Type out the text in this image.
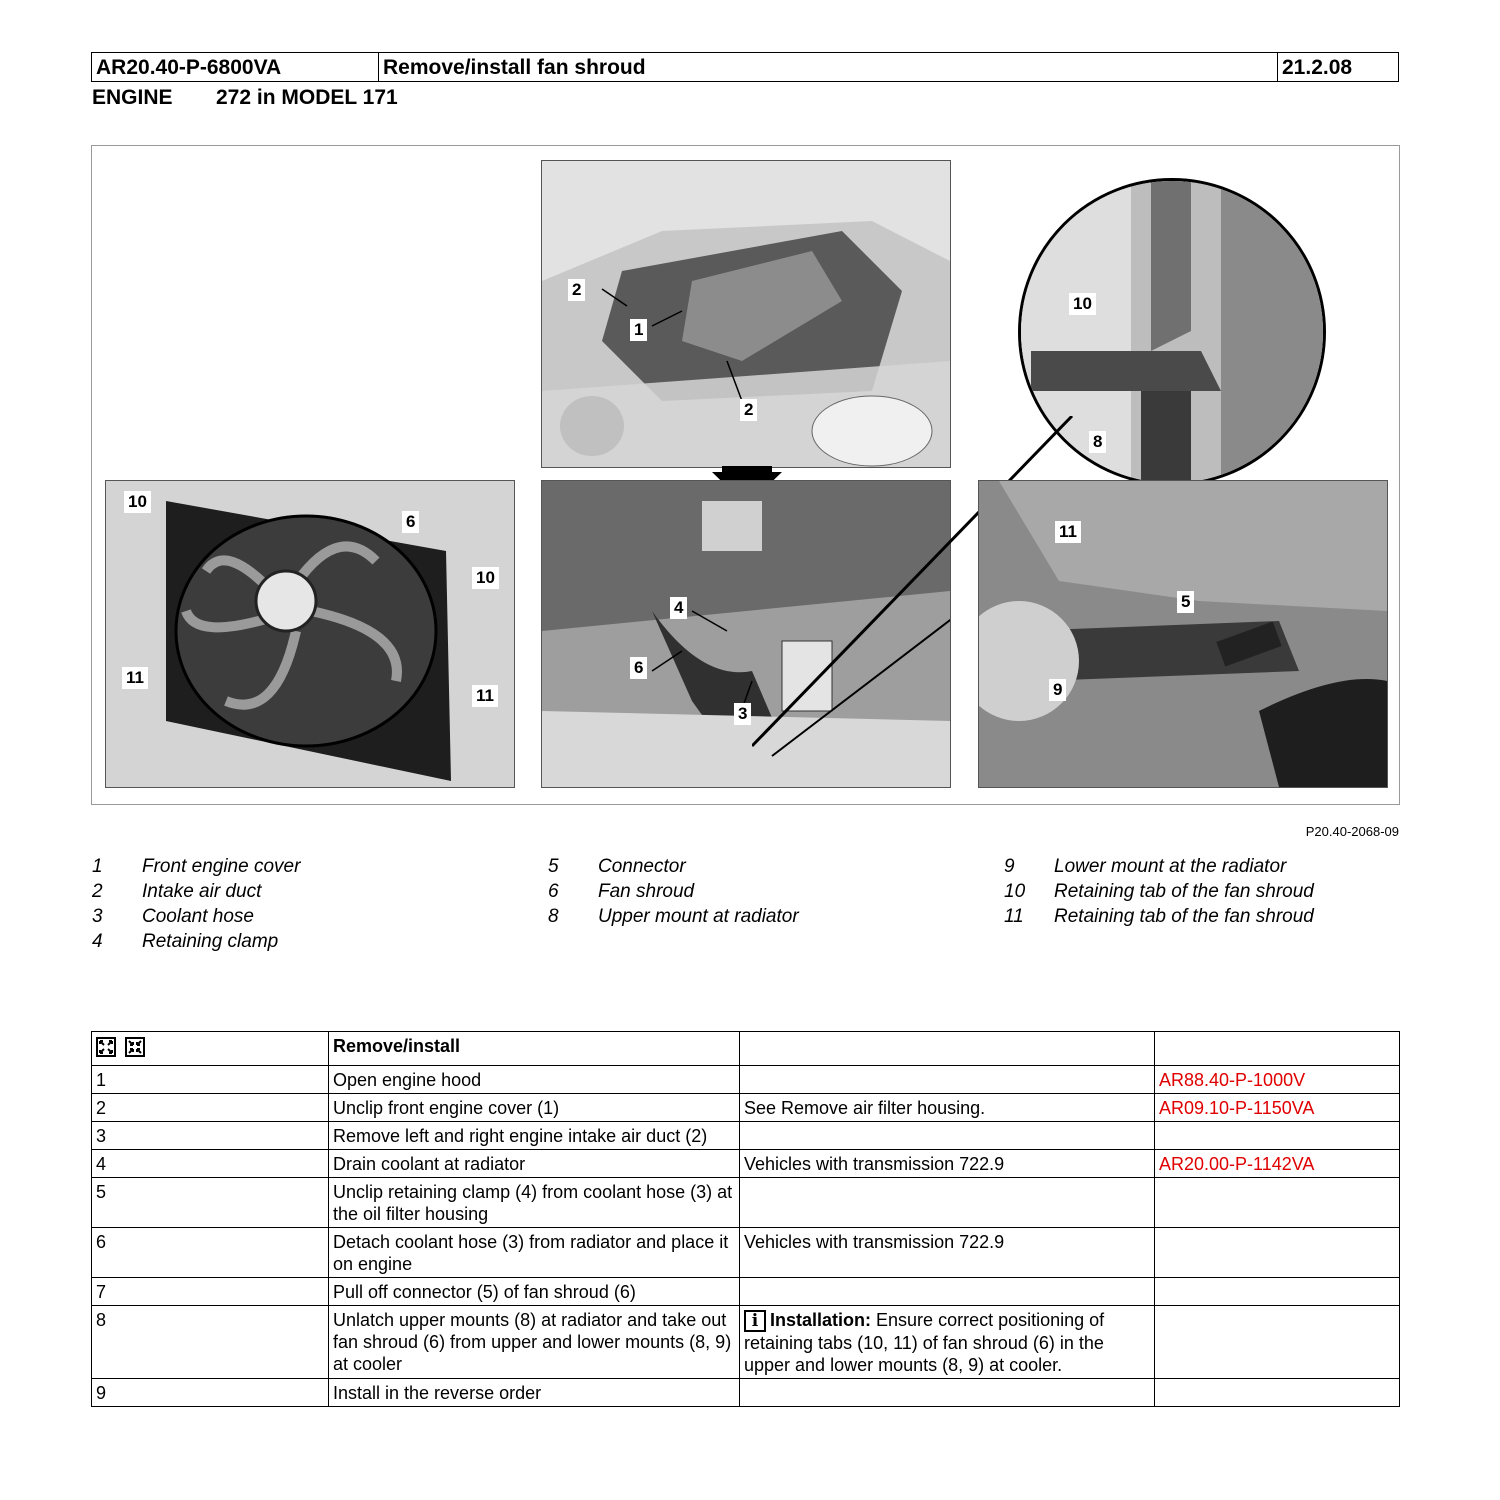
AR20.40-P-6800VA	Remove/install fan shroud	21.2.08
ENGINE 272 in MODEL 171
2
1
2
10
8
10
6
10
11
11
4
6
3
11
5
9
P20.40-2068-09
1 Front engine cover
2 Intake air duct
3 Coolant hose
4 Retaining clamp
5 Connector
6 Fan shroud
8 Upper mount at radiator
9 Lower mount at the radiator
10 Retaining tab of the fan shroud
11 Retaining tab of the fan shroud

	Remove/install		
1	Open engine hood		AR88.40-P-1000V
2	Unclip front engine cover (1)	See Remove air filter housing.	AR09.10-P-1150VA
3	Remove left and right engine intake air duct (2)		
4	Drain coolant at radiator	Vehicles with transmission 722.9	AR20.00-P-1142VA
5	Unclip retaining clamp (4) from coolant hose (3) at the oil filter housing		
6	Detach coolant hose (3) from radiator and place it on engine	Vehicles with transmission 722.9	
7	Pull off connector (5) of fan shroud (6)		
8	Unlatch upper mounts (8) at radiator and take out fan shroud (6) from upper and lower mounts (8, 9) at cooler	i Installation: Ensure correct positioning of retaining tabs (10, 11) of fan shroud (6) in the upper and lower mounts (8, 9) at cooler.	
9	Install in the reverse order		
